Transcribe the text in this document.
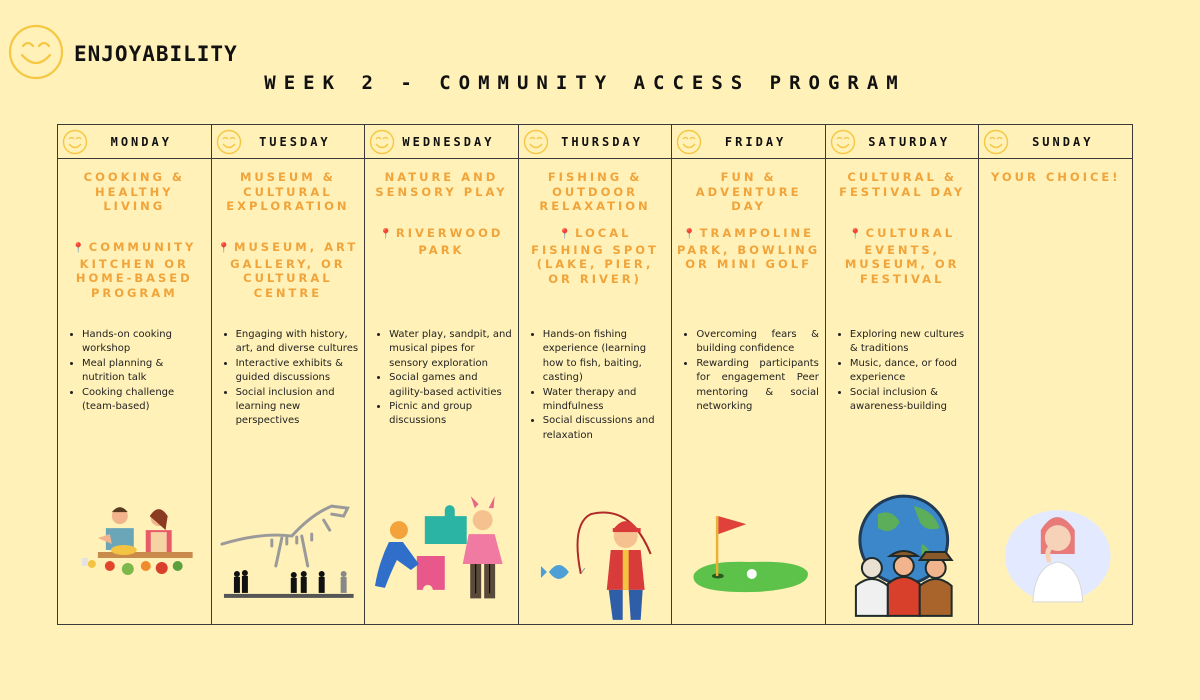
ENJOYABILITY
WEEK 2 - COMMUNITY ACCESS PROGRAM
MONDAY
COOKING & HEALTHY LIVING
📍 COMMUNITY KITCHEN OR HOME-BASED PROGRAM
• Hands-on cooking workshop
• Meal planning & nutrition talk
• Cooking challenge (team-based)
TUESDAY
MUSEUM & CULTURAL EXPLORATION
📍 MUSEUM, ART GALLERY, OR CULTURAL CENTRE
• Engaging with history, art, and diverse cultures
• Interactive exhibits & guided discussions
• Social inclusion and learning new perspectives
WEDNESDAY
NATURE AND SENSORY PLAY
📍 RIVERWOOD PARK
• Water play, sandpit, and musical pipes for sensory exploration
• Social games and agility-based activities
• Picnic and group discussions
THURSDAY
FISHING & OUTDOOR RELAXATION
📍 LOCAL FISHING SPOT (LAKE, PIER, OR RIVER)
• Hands-on fishing experience (learning how to fish, baiting, casting)
• Water therapy and mindfulness
• Social discussions and relaxation
FRIDAY
FUN & ADVENTURE DAY
📍 TRAMPOLINE PARK, BOWLING OR MINI GOLF
• Overcoming fears & building confidence
• Rewarding participants for engagement Peer mentoring & social networking
SATURDAY
CULTURAL & FESTIVAL DAY
📍 CULTURAL EVENTS, MUSEUM, OR FESTIVAL
• Exploring new cultures & traditions
• Music, dance, or food experience
• Social inclusion & awareness-building
SUNDAY
YOUR CHOICE!
